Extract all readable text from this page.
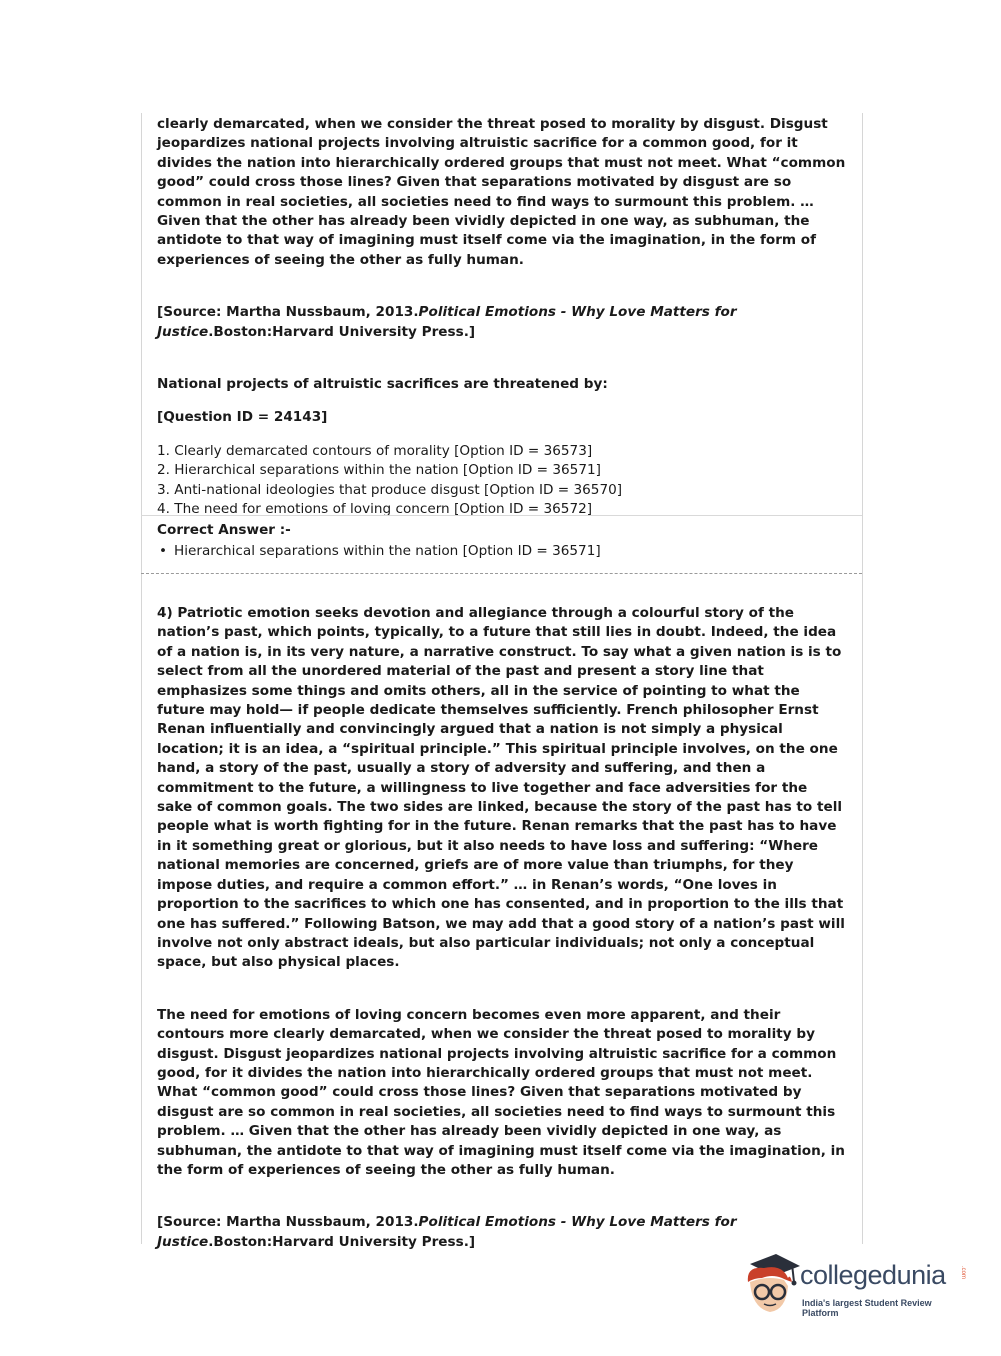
clearly demarcated, when we consider the threat posed to morality by disgust. Disgust jeopardizes national projects involving altruistic sacrifice for a common good, for it divides the nation into hierarchically ordered groups that must not meet. What “common good” could cross those lines? Given that separations motivated by disgust are so common in real societies, all societies need to find ways to surmount this problem. … Given that the other has already been vividly depicted in one way, as subhuman, the antidote to that way of imagining must itself come via the imagination, in the form of experiences of seeing the other as fully human.

[Source: Martha Nussbaum, 2013.Political Emotions - Why Love Matters for Justice.Boston:Harvard University Press.]

National projects of altruistic sacrifices are threatened by:

[Question ID = 24143]

1. Clearly demarcated contours of morality [Option ID = 36573]
2. Hierarchical separations within the nation [Option ID = 36571]
3. Anti-national ideologies that produce disgust [Option ID = 36570]
4. The need for emotions of loving concern [Option ID = 36572]

Correct Answer :-

• Hierarchical separations within the nation [Option ID = 36571]

4) Patriotic emotion seeks devotion and allegiance through a colourful story of the nation’s past, which points, typically, to a future that still lies in doubt. Indeed, the idea of a nation is, in its very nature, a narrative construct. To say what a given nation is is to select from all the unordered material of the past and present a story line that emphasizes some things and omits others, all in the service of pointing to what the future may hold— if people dedicate themselves sufficiently. French philosopher Ernst Renan influentially and convincingly argued that a nation is not simply a physical location; it is an idea, a “spiritual principle.” This spiritual principle involves, on the one hand, a story of the past, usually a story of adversity and suffering, and then a commitment to the future, a willingness to live together and face adversities for the sake of common goals. The two sides are linked, because the story of the past has to tell people what is worth fighting for in the future. Renan remarks that the past has to have in it something great or glorious, but it also needs to have loss and suffering: “Where national memories are concerned, griefs are of more value than triumphs, for they impose duties, and require a common effort.” … in Renan’s words, “One loves in proportion to the sacrifices to which one has consented, and in proportion to the ills that one has suffered.” Following Batson, we may add that a good story of a nation’s past will involve not only abstract ideals, but also particular individuals; not only a conceptual space, but also physical places.

The need for emotions of loving concern becomes even more apparent, and their contours more clearly demarcated, when we consider the threat posed to morality by disgust. Disgust jeopardizes national projects involving altruistic sacrifice for a common good, for it divides the nation into hierarchically ordered groups that must not meet. What “common good” could cross those lines? Given that separations motivated by disgust are so common in real societies, all societies need to find ways to surmount this problem. … Given that the other has already been vividly depicted in one way, as subhuman, the antidote to that way of imagining must itself come via the imagination, in the form of experiences of seeing the other as fully human.

[Source: Martha Nussbaum, 2013.Political Emotions - Why Love Matters for Justice.Boston:Harvard University Press.]

collegedunia .com
India's largest Student Review Platform
